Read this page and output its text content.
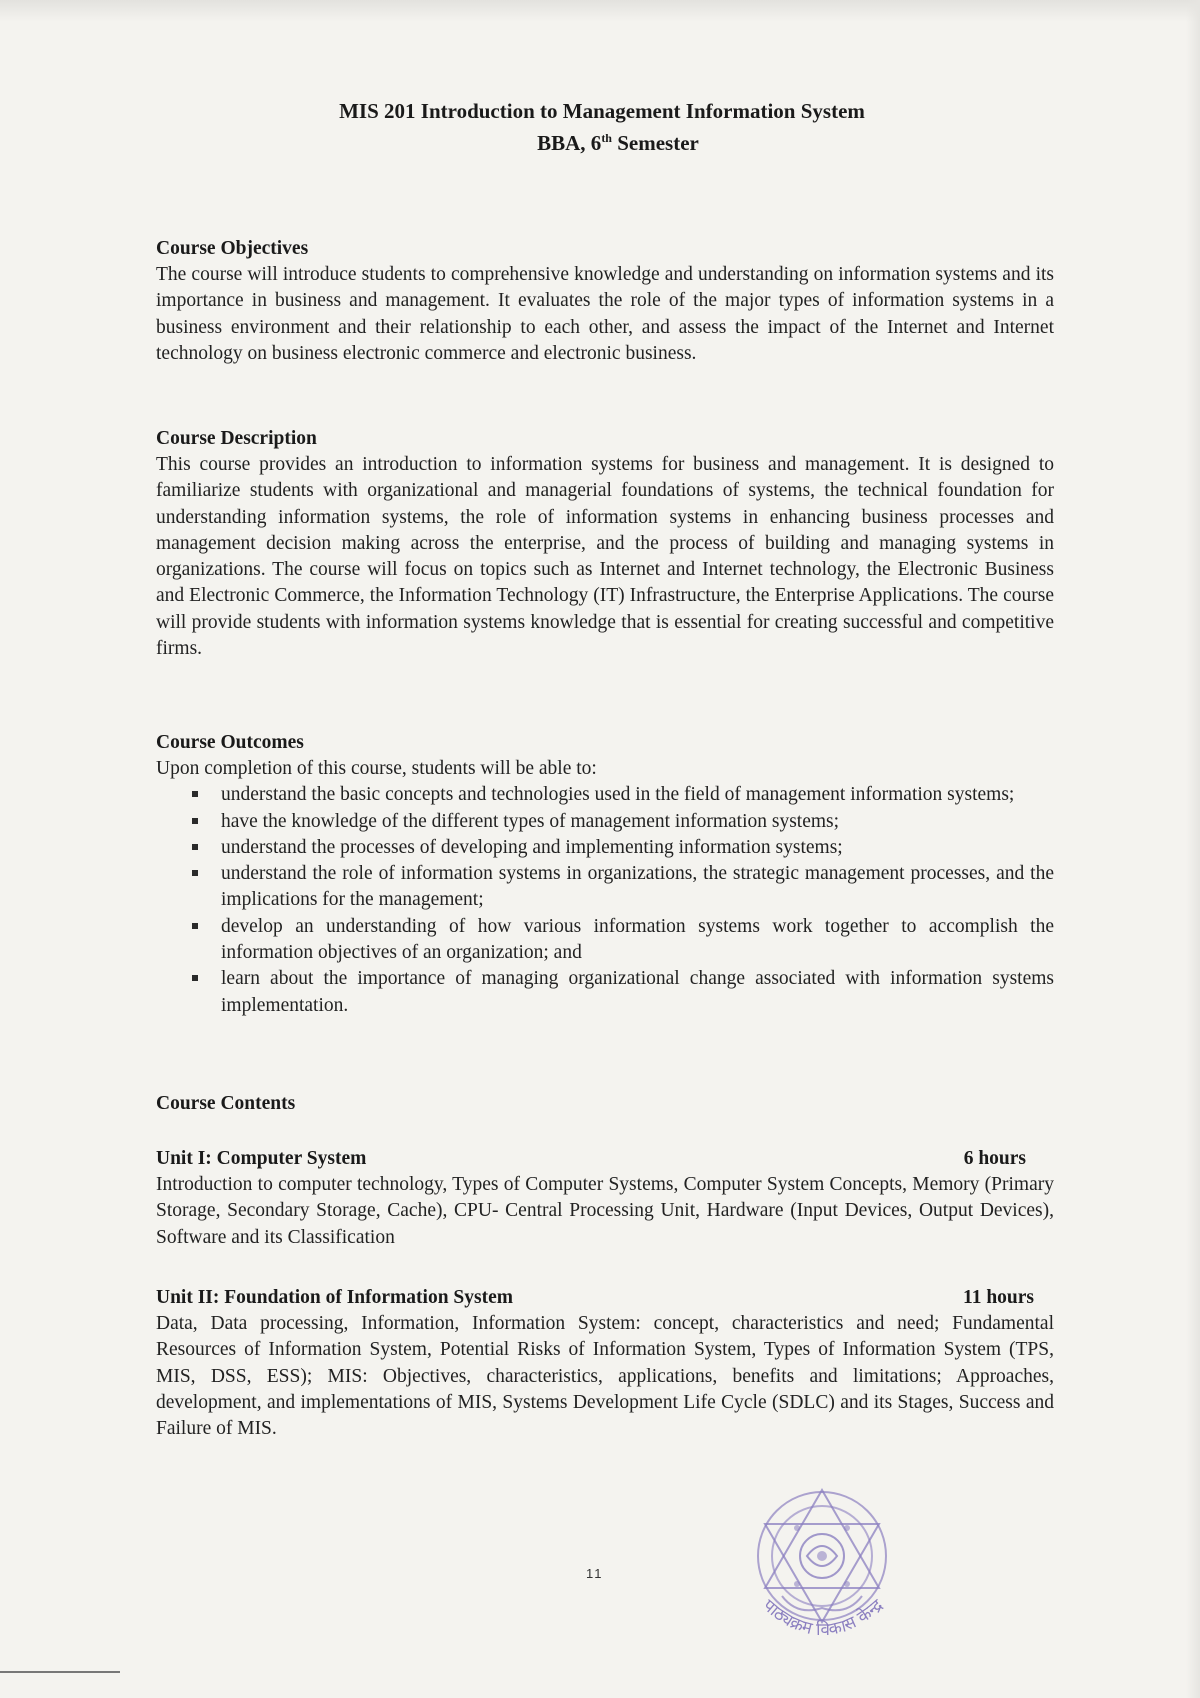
MIS 201 Introduction to Management Information System
BBA, 6th Semester
Course Objectives

The course will introduce students to comprehensive knowledge and understanding on information systems and its importance in business and management. It evaluates the role of the major types of information systems in a business environment and their relationship to each other, and assess the impact of the Internet and Internet technology on business electronic commerce and electronic business.

Course Description

This course provides an introduction to information systems for business and management. It is designed to familiarize students with organizational and managerial foundations of systems, the technical foundation for understanding information systems, the role of information systems in enhancing business processes and management decision making across the enterprise, and the process of building and managing systems in organizations. The course will focus on topics such as Internet and Internet technology, the Electronic Business and Electronic Commerce, the Information Technology (IT) Infrastructure, the Enterprise Applications. The course will provide students with information systems knowledge that is essential for creating successful and competitive firms.

Course Outcomes

Upon completion of this course, students will be able to:

understand the basic concepts and technologies used in the field of management information systems;
have the knowledge of the different types of management information systems;
understand the processes of developing and implementing information systems;
understand the role of information systems in organizations, the strategic management processes, and the implications for the management;
develop an understanding of how various information systems work together to accomplish the information objectives of an organization; and
learn about the importance of managing organizational change associated with information systems implementation.
Course Contents
Unit I: Computer System	6 hours

Introduction to computer technology, Types of Computer Systems, Computer System Concepts, Memory (Primary Storage, Secondary Storage, Cache), CPU- Central Processing Unit, Hardware (Input Devices, Output Devices), Software and its Classification

Unit II: Foundation of Information System	11 hours

Data, Data processing, Information, Information System: concept, characteristics and need; Fundamental Resources of Information System, Potential Risks of Information System, Types of Information System (TPS, MIS, DSS, ESS); MIS: Objectives, characteristics, applications, benefits and limitations; Approaches, development, and implementations of MIS, Systems Development Life Cycle (SDLC) and its Stages, Success and Failure of MIS.

11
पाठ्यक्रम विकास केन्द्र
